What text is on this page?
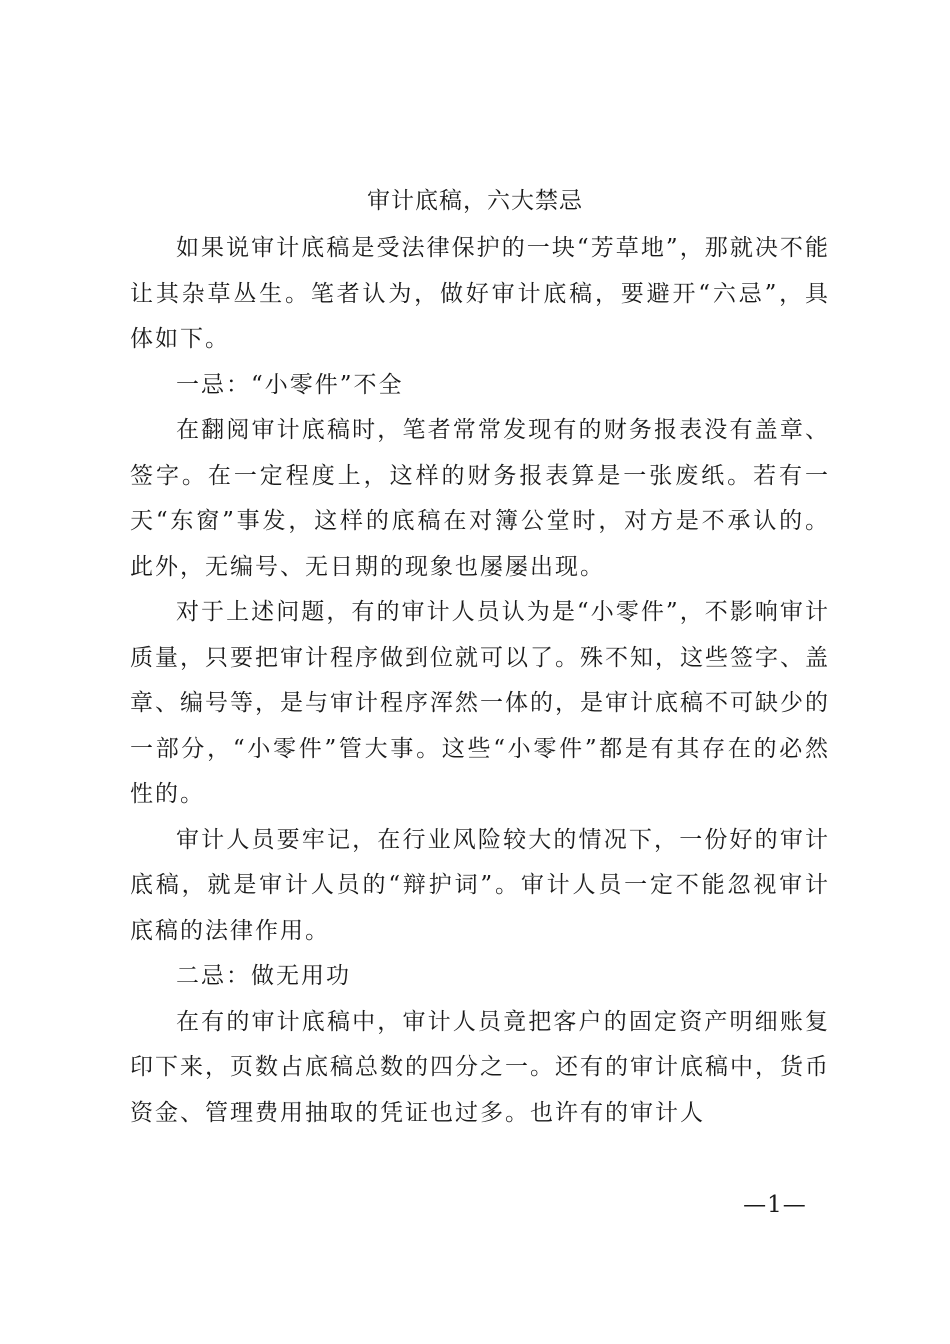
审计底稿，六大禁忌

如果说审计底稿是受法律保护的一块“芳草地”，那就决不能让其杂草丛生。笔者认为，做好审计底稿，要避开“六忌”，具体如下。

一忌：“小零件”不全

在翻阅审计底稿时，笔者常常发现有的财务报表没有盖章、签字。在一定程度上，这样的财务报表算是一张废纸。若有一天“东窗”事发，这样的底稿在对簿公堂时，对方是不承认的。此外，无编号、无日期的现象也屡屡出现。

对于上述问题，有的审计人员认为是“小零件”，不影响审计质量，只要把审计程序做到位就可以了。殊不知，这些签字、盖章、编号等，是与审计程序浑然一体的，是审计底稿不可缺少的一部分，“小零件”管大事。这些“小零件”都是有其存在的必然性的。

审计人员要牢记，在行业风险较大的情况下，一份好的审计底稿，就是审计人员的“辩护词”。审计人员一定不能忽视审计底稿的法律作用。

二忌：做无用功

在有的审计底稿中，审计人员竟把客户的固定资产明细账复印下来，页数占底稿总数的四分之一。还有的审计底稿中，货币资金、管理费用抽取的凭证也过多。也许有的审计人

—1—
